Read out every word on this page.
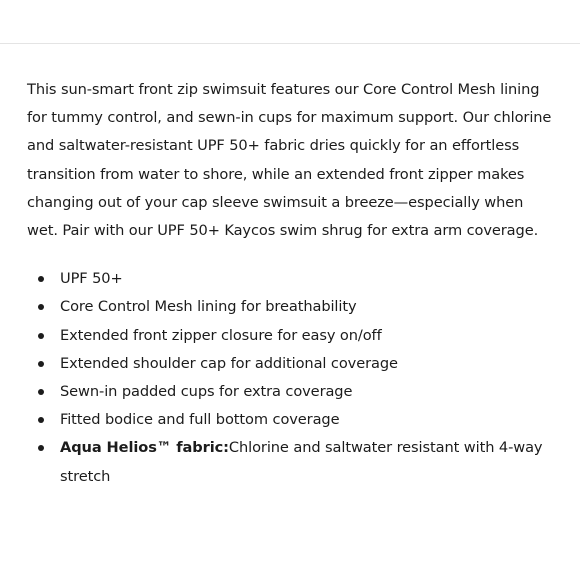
This sun-smart front zip swimsuit features our Core Control Mesh lining for tummy control, and sewn-in cups for maximum support. Our chlorine and saltwater-resistant UPF 50+ fabric dries quickly for an effortless transition from water to shore, while an extended front zipper makes changing out of your cap sleeve swimsuit a breeze—especially when wet. Pair with our UPF 50+ Kaycos swim shrug for extra arm coverage.

UPF 50+
Core Control Mesh lining for breathability
Extended front zipper closure for easy on/off
Extended shoulder cap for additional coverage
Sewn-in padded cups for extra coverage
Fitted bodice and full bottom coverage
Aqua Helios™ fabric:Chlorine and saltwater resistant with 4-way stretch
